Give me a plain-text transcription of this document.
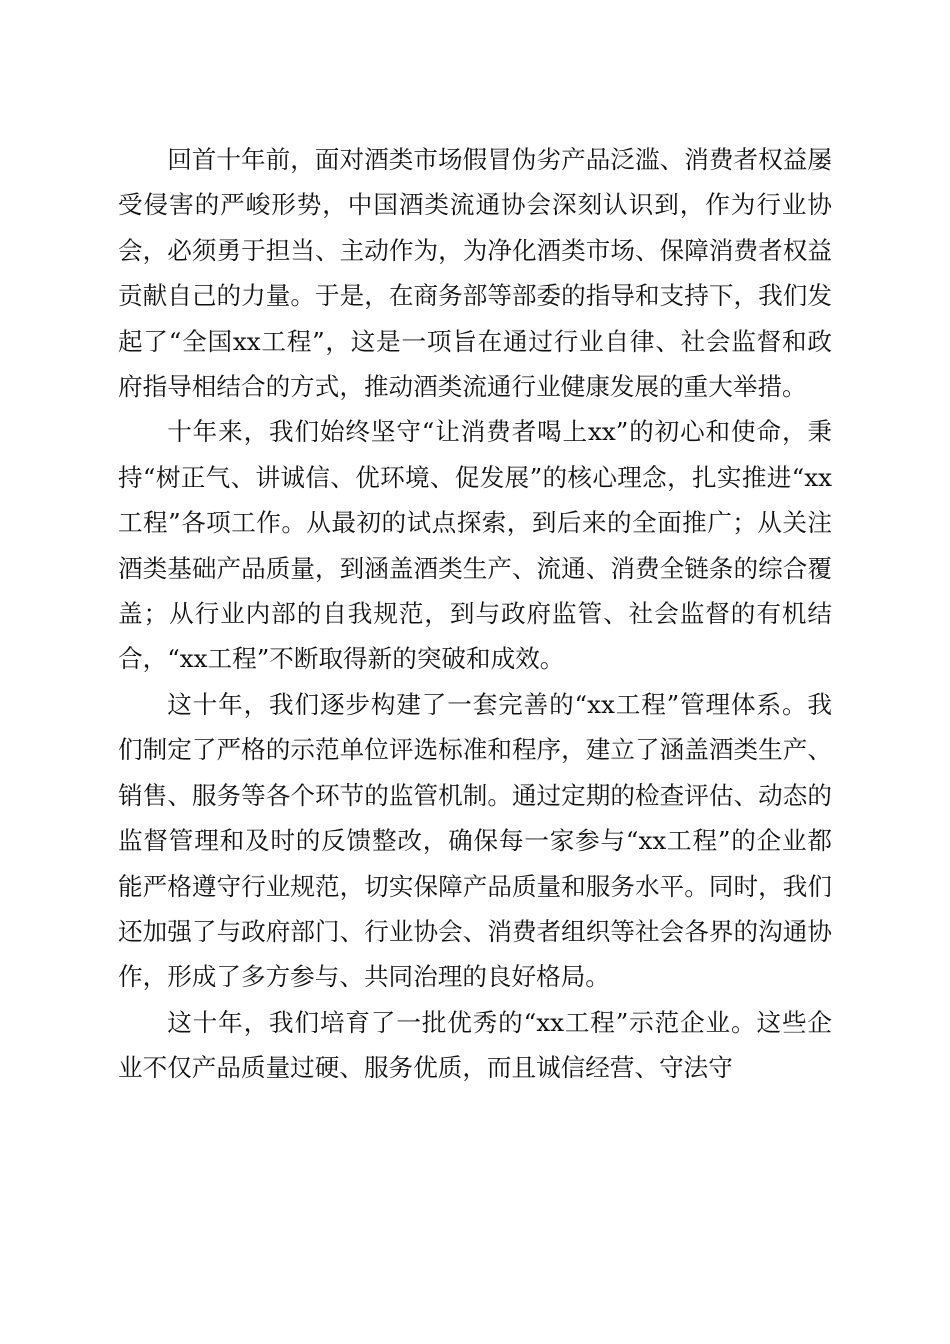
回首十年前，面对酒类市场假冒伪劣产品泛滥、消费者权益屡受侵害的严峻形势，中国酒类流通协会深刻认识到，作为行业协会，必须勇于担当、主动作为，为净化酒类市场、保障消费者权益贡献自己的力量。于是，在商务部等部委的指导和支持下，我们发起了“全国xx工程”，这是一项旨在通过行业自律、社会监督和政府指导相结合的方式，推动酒类流通行业健康发展的重大举措。

十年来，我们始终坚守“让消费者喝上xx”的初心和使命，秉持“树正气、讲诚信、优环境、促发展”的核心理念，扎实推进“xx工程”各项工作。从最初的试点探索，到后来的全面推广；从关注酒类基础产品质量，到涵盖酒类生产、流通、消费全链条的综合覆盖；从行业内部的自我规范，到与政府监管、社会监督的有机结合，“xx工程”不断取得新的突破和成效。

这十年，我们逐步构建了一套完善的“xx工程”管理体系。我们制定了严格的示范单位评选标准和程序，建立了涵盖酒类生产、销售、服务等各个环节的监管机制。通过定期的检查评估、动态的监督管理和及时的反馈整改，确保每一家参与“xx工程”的企业都能严格遵守行业规范，切实保障产品质量和服务水平。同时，我们还加强了与政府部门、行业协会、消费者组织等社会各界的沟通协作，形成了多方参与、共同治理的良好格局。

这十年，我们培育了一批优秀的“xx工程”示范企业。这些企业不仅产品质量过硬、服务优质，而且诚信经营、守法守
